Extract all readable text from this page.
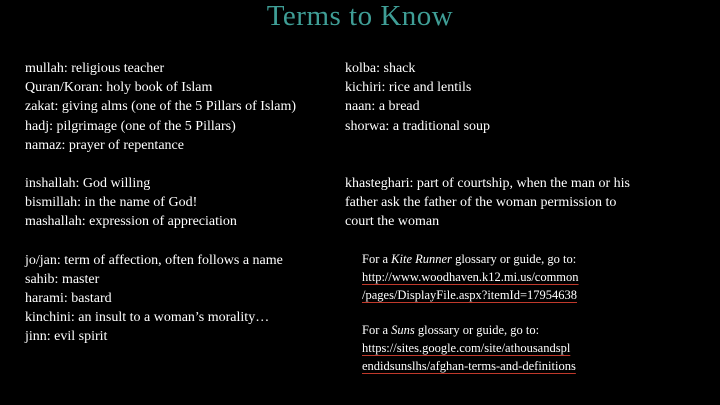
Terms to Know

mullah: religious teacher

Quran/Koran: holy book of Islam

zakat: giving alms (one of the 5 Pillars of Islam)

hadj: pilgrimage (one of the 5 Pillars)

namaz: prayer of repentance

inshallah: God willing

bismillah: in the name of God!

mashallah: expression of appreciation

jo/jan: term of affection, often follows a name

sahib: master

harami: bastard

kinchini: an insult to a woman’s morality…

jinn: evil spirit

kolba: shack

kichiri: rice and lentils

naan: a bread

shorwa: a traditional soup

khasteghari: part of courtship, when the man or his father ask the father of the woman permission to court the woman

For a Kite Runner glossary or guide, go to:

http://www.woodhaven.k12.mi.us/common
/pages/DisplayFile.aspx?itemId=17954638

For a Suns glossary or guide, go to:

https://sites.google.com/site/athousandspl
endidsunslhs/afghan-terms-and-definitions
